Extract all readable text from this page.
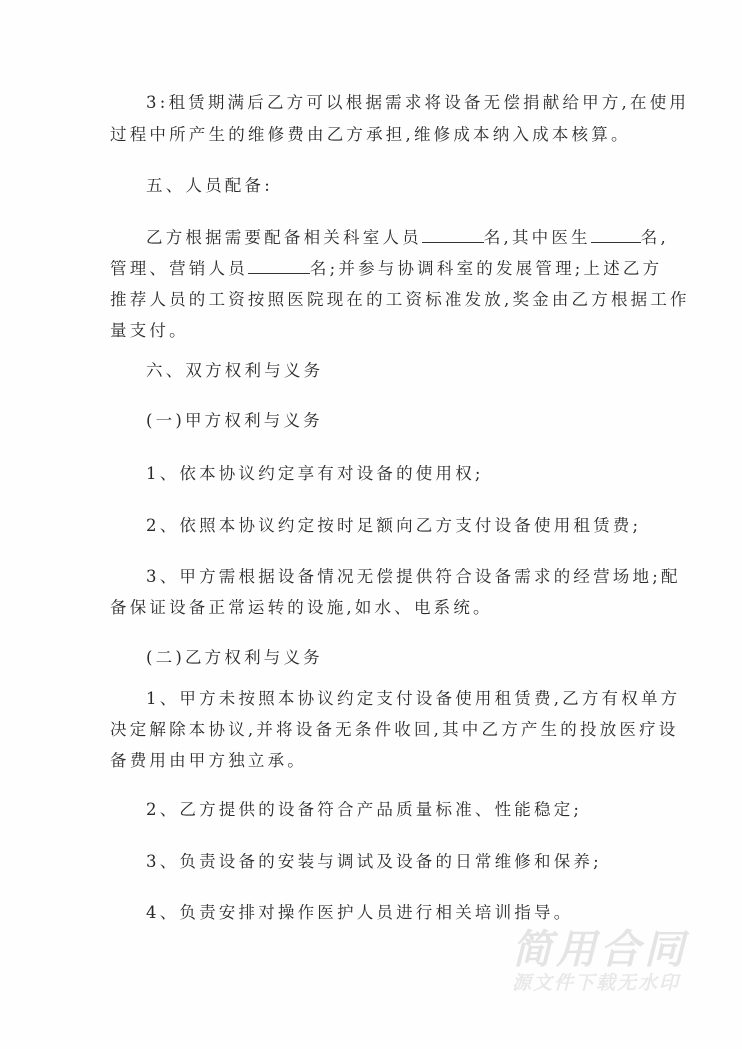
3:租赁期满后乙方可以根据需求将设备无偿捐献给甲方,在使用
过程中所产生的维修费由乙方承担,维修成本纳入成本核算。
五、人员配备:
乙方根据需要配备相关科室人员	名,其中医生	名,
管理、营销人员	名;并参与协调科室的发展管理;上述乙方
推荐人员的工资按照医院现在的工资标准发放,奖金由乙方根据工作
量支付。
六、双方权利与义务
(一)甲方权利与义务
1、依本协议约定享有对设备的使用权;
2、依照本协议约定按时足额向乙方支付设备使用租赁费;
3、甲方需根据设备情况无偿提供符合设备需求的经营场地;配
备保证设备正常运转的设施,如水、电系统。
(二)乙方权利与义务
1、甲方未按照本协议约定支付设备使用租赁费,乙方有权单方
决定解除本协议,并将设备无条件收回,其中乙方产生的投放医疗设
备费用由甲方独立承。
2、乙方提供的设备符合产品质量标准、性能稳定;
3、负责设备的安装与调试及设备的日常维修和保养;
4、负责安排对操作医护人员进行相关培训指导。
简用合同
源文件下载无水印
